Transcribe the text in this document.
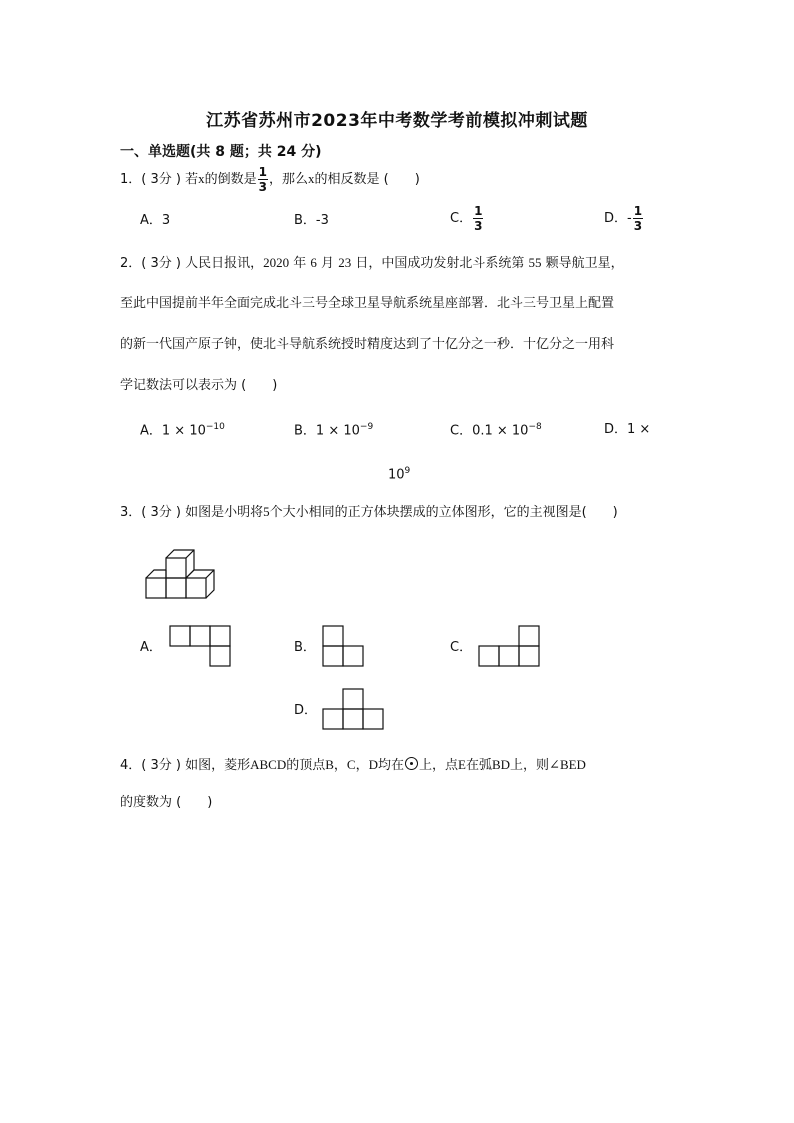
江苏省苏州市2023年中考数学考前模拟冲刺试题
一、单选题(共 8 题；共 24 分)
1．( 3分 ) 若x的倒数是 $\frac{1}{3}$ ，那么x的相反数是 (　　)
A．3	B．-3	C． $\frac{1}{3}$	D．- $\frac{1}{3}$
2．( 3分 ) 人民日报讯，2020 年 6 月 23 日，中国成功发射北斗系统第 55 颗导航卫星，
至此中国提前半年全面完成北斗三号全球卫星导航系统星座部署．北斗三号卫星上配置
的新一代国产原子钟，使北斗导航系统授时精度达到了十亿分之一秒．十亿分之一用科
学记数法可以表示为 (　　)
A．$1 \times 10^{-10}$	B．$1 \times 10^{-9}$	C．$0.1 \times 10^{-8}$	D．1 ×
$10^9$
3．( 3分 ) 如图是小明将5个大小相同的正方体块摆成的立体图形，它的主视图是(　　)
A．	B．	C．
D．
4．( 3分 ) 如图，菱形ABCD的顶点B，C，D均在 上，点E在弧BD上，则∠BED
的度数为 (　　)
